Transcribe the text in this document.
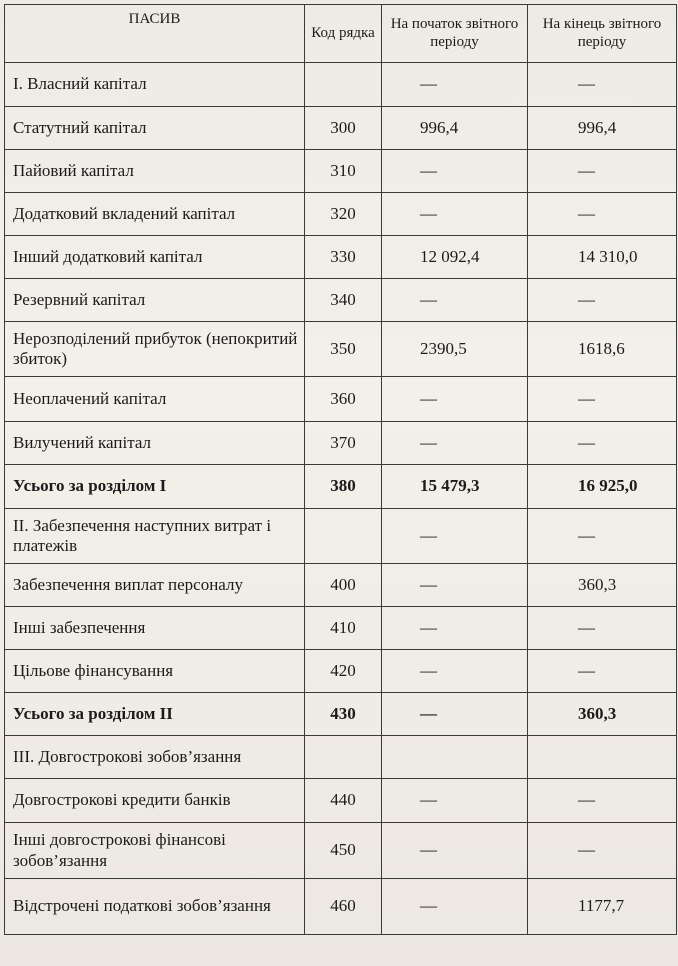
ПАСИВ	Код рядка	На початок звітного періоду	На кінець звітного періоду
I. Власний капітал		—	—
Статутний капітал	300	996,4	996,4
Пайовий капітал	310	—	—
Додатковий вкладений капітал	320	—	—
Інший додатковий капітал	330	12 092,4	14 310,0
Резервний капітал	340	—	—
Нерозподілений прибуток (непокритий збиток)	350	2390,5	1618,6
Неоплачений капітал	360	—	—
Вилучений капітал	370	—	—
Усього за розділом I	380	15 479,3	16 925,0
II. Забезпечення наступних витрат і платежів		—	—
Забезпечення виплат персоналу	400	—	360,3
Інші забезпечення	410	—	—
Цільове фінансування	420	—	—
Усього за розділом II	430	—	360,3
III. Довгострокові зобов’язання			
Довгострокові кредити банків	440	—	—
Інші довгострокові фінансові зобов’язання	450	—	—
Відстрочені податкові зобов’язання	460	—	1177,7
